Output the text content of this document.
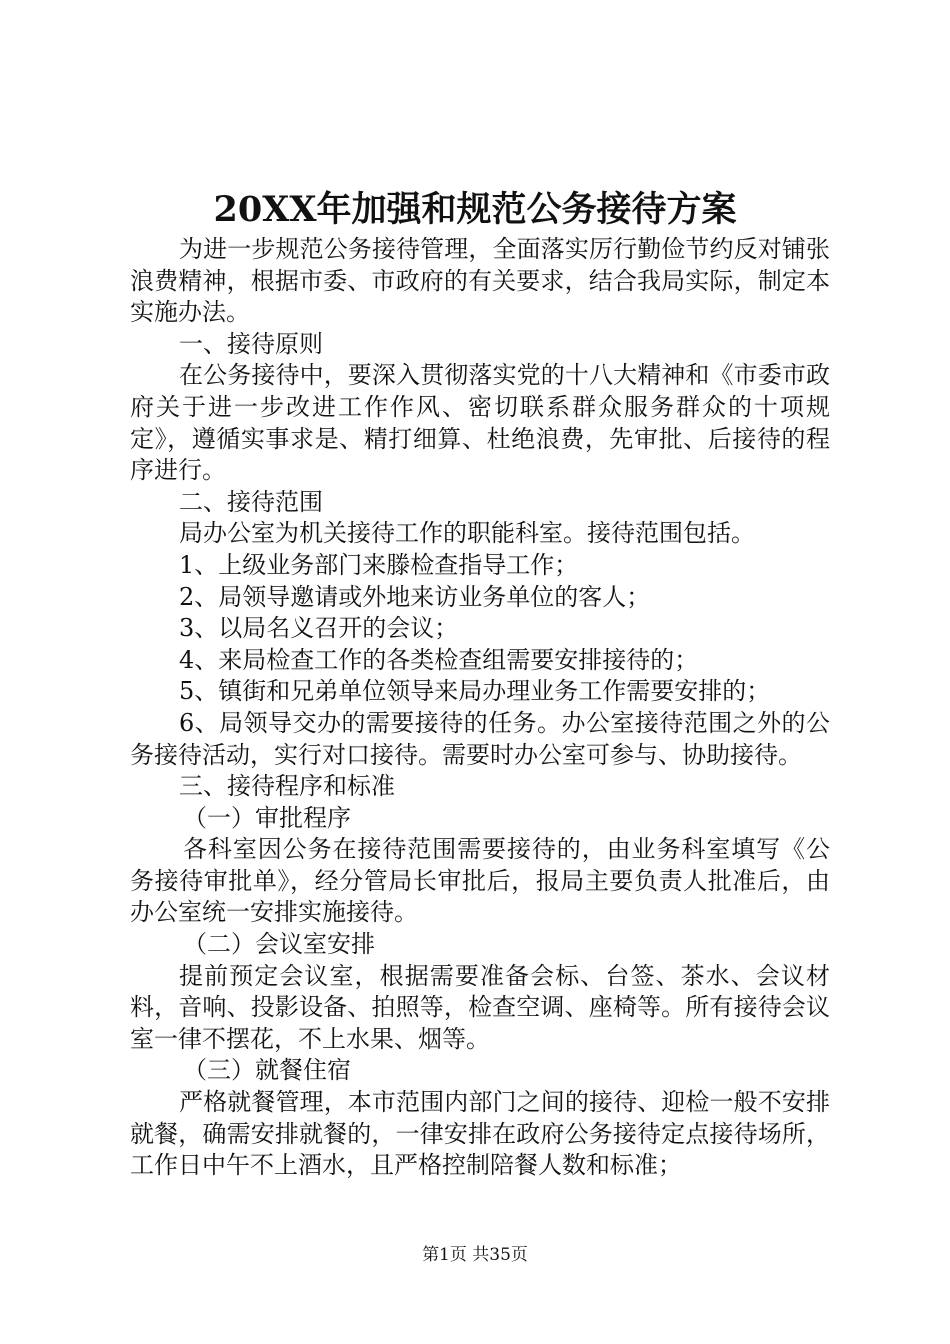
20XX年加强和规范公务接待方案

为进一步规范公务接待管理，全面落实厉行勤俭节约反对铺张浪费精神，根据市委、市政府的有关要求，结合我局实际，制定本实施办法。

一、接待原则

在公务接待中，要深入贯彻落实党的十八大精神和《市委市政府关于进一步改进工作作风、密切联系群众服务群众的十项规定》，遵循实事求是、精打细算、杜绝浪费，先审批、后接待的程序进行。

二、接待范围

局办公室为机关接待工作的职能科室。接待范围包括。

1、上级业务部门来滕检查指导工作；

2、局领导邀请或外地来访业务单位的客人；

3、以局名义召开的会议；

4、来局检查工作的各类检查组需要安排接待的；

5、镇街和兄弟单位领导来局办理业务工作需要安排的；

6、局领导交办的需要接待的任务。办公室接待范围之外的公务接待活动，实行对口接待。需要时办公室可参与、协助接待。

三、接待程序和标准

（一）审批程序

各科室因公务在接待范围需要接待的，由业务科室填写《公务接待审批单》，经分管局长审批后，报局主要负责人批准后，由办公室统一安排实施接待。

（二）会议室安排

提前预定会议室，根据需要准备会标、台签、茶水、会议材料，音响、投影设备、拍照等，检查空调、座椅等。所有接待会议室一律不摆花，不上水果、烟等。

（三）就餐住宿

严格就餐管理，本市范围内部门之间的接待、迎检一般不安排就餐，确需安排就餐的，一律安排在政府公务接待定点接待场所，工作日中午不上酒水，且严格控制陪餐人数和标准；

第1页 共35页
